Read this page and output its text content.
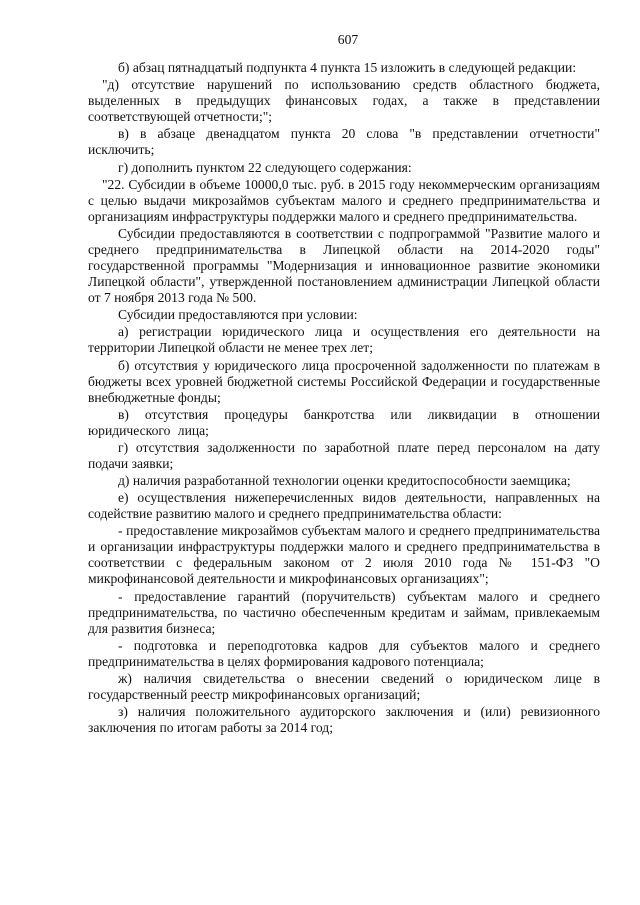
607

б) абзац пятнадцатый подпункта 4 пункта 15 изложить в следующей редакции:

"д) отсутствие нарушений по использованию средств областного бюджета, выделенных в предыдущих финансовых годах, а также в представлении соответствующей отчетности;";

в) в абзаце двенадцатом пункта 20 слова "в представлении отчетности" исключить;

г) дополнить пунктом 22 следующего содержания:

"22. Субсидии в объеме 10000,0 тыс. руб. в 2015 году некоммерческим организациям с целью выдачи микрозаймов субъектам малого и среднего предпринимательства и организациям инфраструктуры поддержки малого и среднего предпринимательства.

Субсидии предоставляются в соответствии с подпрограммой "Развитие малого и среднего предпринимательства в Липецкой области на 2014-2020 годы" государственной программы "Модернизация и инновационное развитие экономики Липецкой области", утвержденной постановлением администрации Липецкой области от 7 ноября 2013 года № 500.

Субсидии предоставляются при условии:

а) регистрации юридического лица и осуществления его деятельности на территории Липецкой области не менее трех лет;

б) отсутствия у юридического лица просроченной задолженности по платежам в бюджеты всех уровней бюджетной системы Российской Федерации и государственные внебюджетные фонды;

в) отсутствия процедуры банкротства или ликвидации в отношении юридического лица;

г) отсутствия задолженности по заработной плате перед персоналом на дату подачи заявки;

д) наличия разработанной технологии оценки кредитоспособности заемщика;

е) осуществления нижеперечисленных видов деятельности, направленных на содействие развитию малого и среднего предпринимательства области:

- предоставление микрозаймов субъектам малого и среднего предпринимательства и организации инфраструктуры поддержки малого и среднего предпринимательства в соответствии с федеральным законом от 2 июля 2010 года № 151-ФЗ "О микрофинансовой деятельности и микрофинансовых организациях";

- предоставление гарантий (поручительств) субъектам малого и среднего предпринимательства, по частично обеспеченным кредитам и займам, привлекаемым для развития бизнеса;

- подготовка и переподготовка кадров для субъектов малого и среднего предпринимательства в целях формирования кадрового потенциала;

ж) наличия свидетельства о внесении сведений о юридическом лице в государственный реестр микрофинансовых организаций;

з) наличия положительного аудиторского заключения и (или) ревизионного заключения по итогам работы за 2014 год;
